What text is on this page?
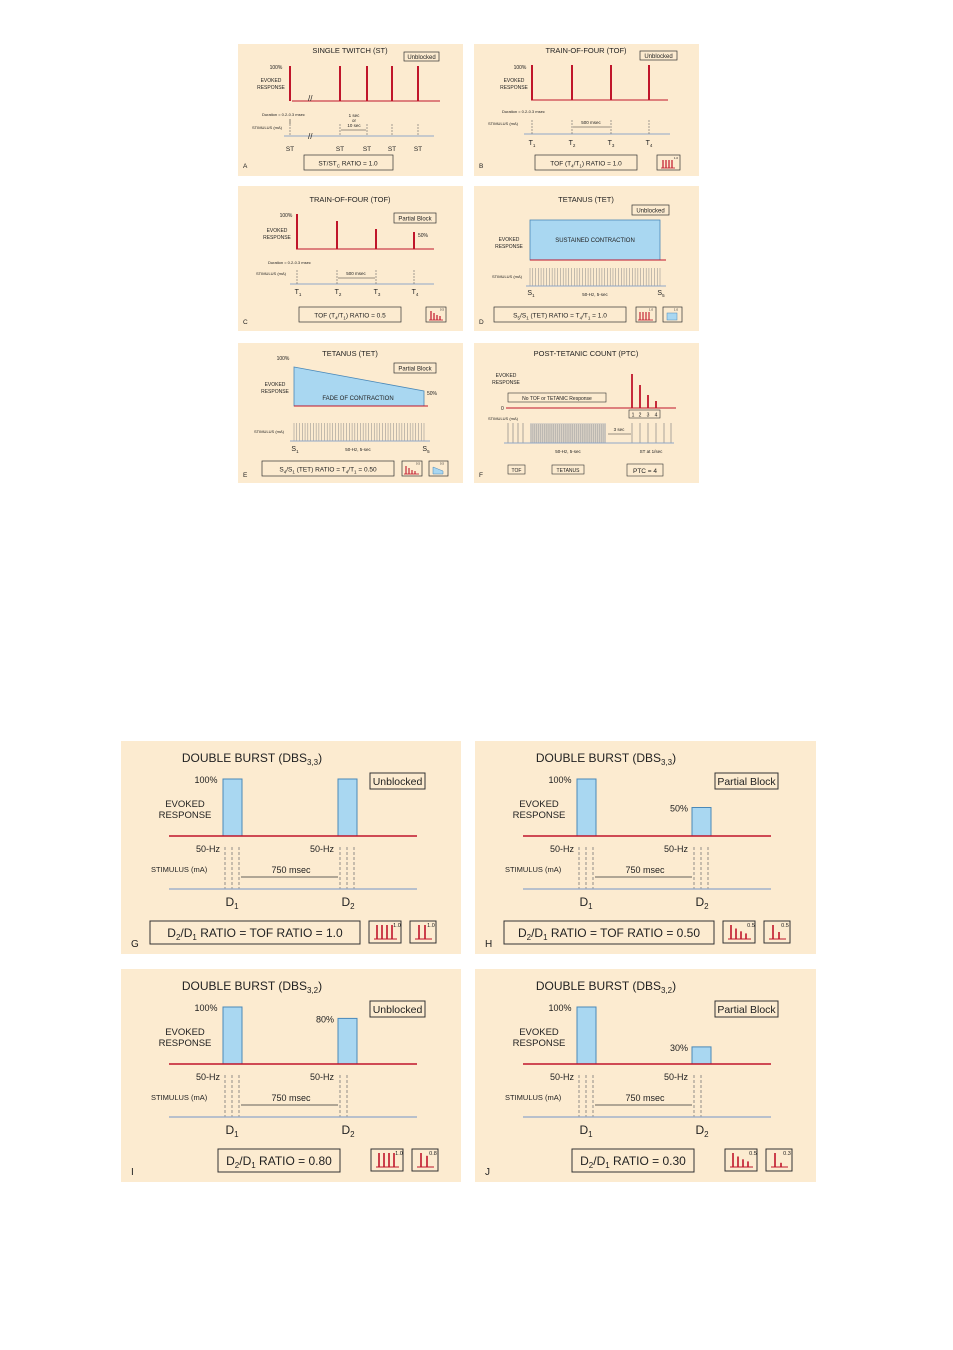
SINGLE TWITCH (ST)
Unblocked
100%
EVOKED
RESPONSE
//
Duration = 0.2-0.3 msec
STIMULUS (mA)
1 sec
or
10 sec
//
ST	ST	ST	ST	ST
$ST/ST_C$ RATIO = 1.0
A
TRAIN-OF-FOUR (TOF)
Unblocked
100%
EVOKED
RESPONSE
Duration = 0.2-0.3 msec
STIMULUS (mA)	500 msec
$T_1$	$T_2$	$T_3$	$T_4$
TOF $(T_4/T_1)$ RATIO = 1.0
1.0
B
TRAIN-OF-FOUR (TOF)
Partial Block
100%
EVOKED
RESPONSE	50%
Duration = 0.2-0.3 msec
STIMULUS (mA)	500 msec
$T_1$	$T_2$	$T_3$	$T_4$
TOF $(T_4/T_1)$ RATIO = 0.5
0.5
C
TETANUS (TET)
Unblocked
EVOKED
RESPONSE
SUSTAINED CONTRACTION
STIMULUS (mA)
$S_1$	50-Hz, 5-sec	$S_5$
$S_5/S_1$ (TET) RATIO = $T_4/T_1 = 1.0$
1.0	1.0
D
TETANUS (TET)
Partial Block
100%
EVOKED
RESPONSE
FADE OF CONTRACTION
50%
STIMULUS (mA)
$S_1$	50-Hz, 5-sec	$S_5$
$S_4/S_1$ (TET) RATIO = $T_4/T_1 = 0.50$
0.5	0.5
E
POST-TETANIC COUNT (PTC)
EVOKED
RESPONSE
No TOF or TETANIC Response
0
1 2 3 4
STIMULUS (mA)
3 sec
50-Hz, 5-sec	ST at 1/sec
TOF	TETANUS	PTC = 4
F
DOUBLE BURST $(DBS_{3,3})$
Unblocked
100%
EVOKED
RESPONSE
50-Hz	50-Hz
STIMULUS (mA)	750 msec
$D_1$	$D_2$
$D_2/D_1$ RATIO = TOF RATIO = 1.0	1.0	1.0
G
DOUBLE BURST $(DBS_{3,3})$
Partial Block
100%
EVOKED
RESPONSE
50%
50-Hz	50-Hz
STIMULUS (mA)	750 msec
$D_1$	$D_2$
$D_2/D_1$ RATIO = TOF RATIO = 0.50	0.5	0.5
H
DOUBLE BURST $(DBS_{3,2})$
Unblocked
100%
EVOKED
RESPONSE
80%
50-Hz	50-Hz
STIMULUS (mA)	750 msec
$D_1$	$D_2$
$D_2/D_1$ RATIO = 0.80	1.0	0.8
I
DOUBLE BURST $(DBS_{3,2})$
Partial Block
100%
EVOKED
RESPONSE	30%
50-Hz	50-Hz
STIMULUS (mA)	750 msec
$D_1$	$D_2$
$D_2/D_1$ RATIO = 0.30	0.5	0.3
J
